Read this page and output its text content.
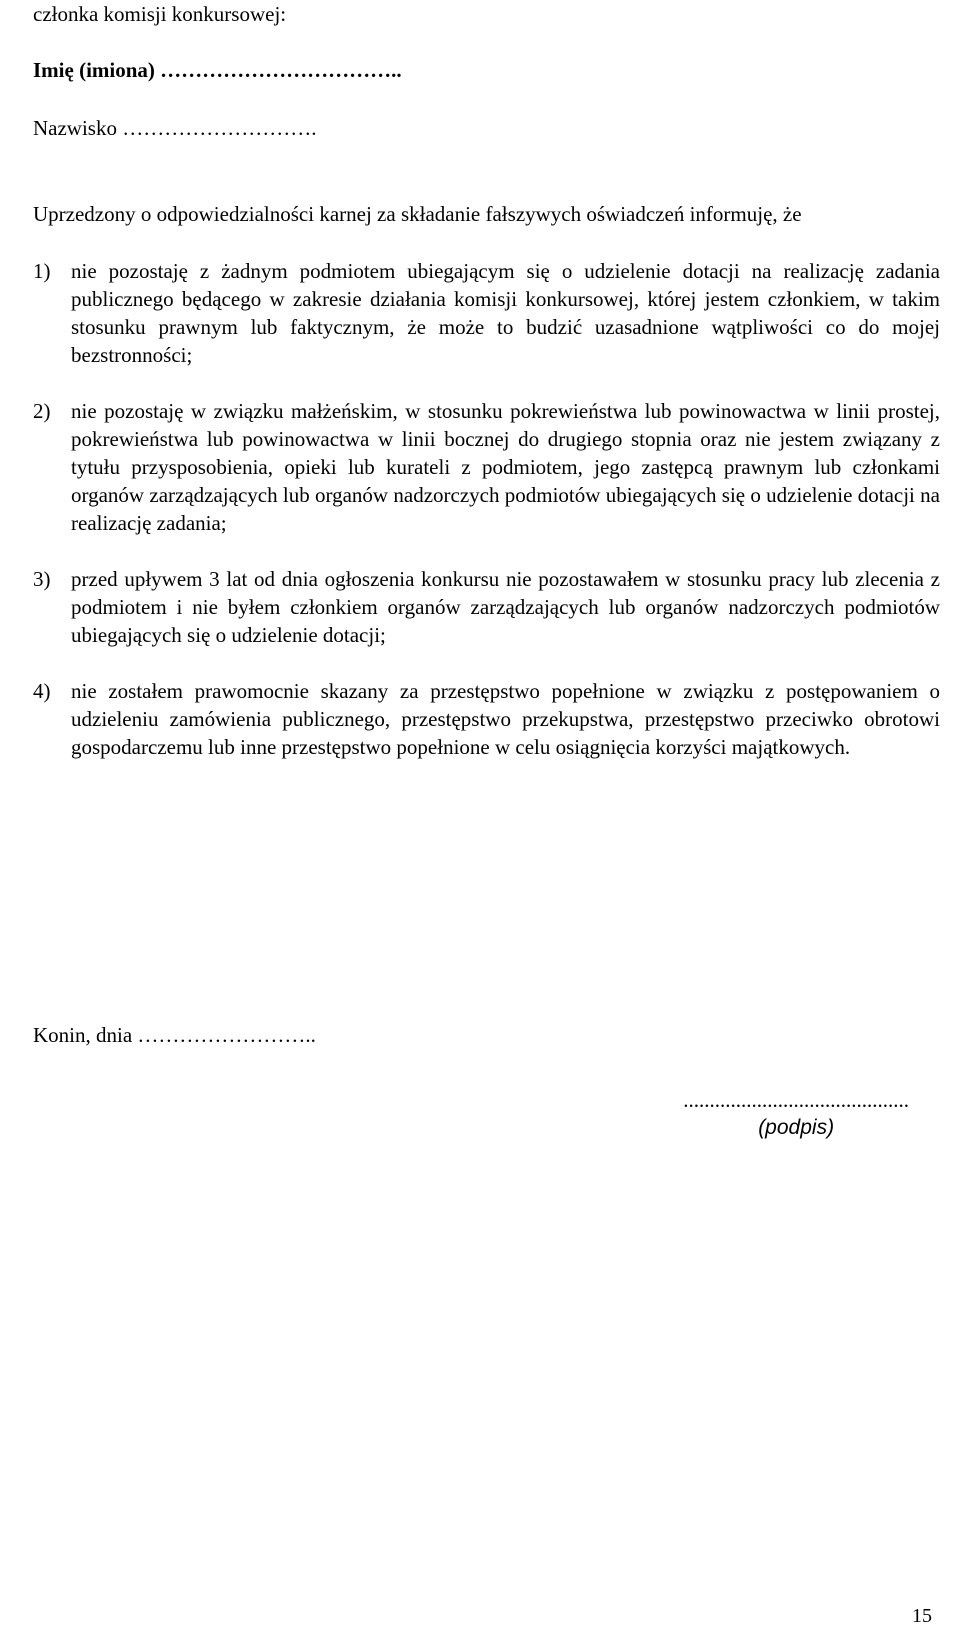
członka komisji konkursowej:
Imię (imiona) ……………………………..
Nazwisko ……………………….
Uprzedzony o odpowiedzialności karnej za składanie fałszywych oświadczeń informuję, że
1) nie pozostaję z żadnym podmiotem ubiegającym się o udzielenie dotacji na realizację zadania publicznego będącego w zakresie działania komisji konkursowej, której jestem członkiem, w takim stosunku prawnym lub faktycznym, że może to budzić uzasadnione wątpliwości co do mojej bezstronności;
2) nie pozostaję w związku małżeńskim, w stosunku pokrewieństwa lub powinowactwa w linii prostej, pokrewieństwa lub powinowactwa w linii bocznej do drugiego stopnia oraz nie jestem związany z tytułu przysposobienia, opieki lub kurateli z podmiotem, jego zastępcą prawnym lub członkami organów zarządzających lub organów nadzorczych podmiotów ubiegających się o udzielenie dotacji na realizację zadania;
3) przed upływem 3 lat od dnia ogłoszenia konkursu nie pozostawałem w stosunku pracy lub zlecenia z podmiotem i nie byłem członkiem organów zarządzających lub organów nadzorczych podmiotów ubiegających się o udzielenie dotacji;
4) nie zostałem prawomocnie skazany za przestępstwo popełnione w związku z postępowaniem o udzieleniu zamówienia publicznego, przestępstwo przekupstwa, przestępstwo przeciwko obrotowi gospodarczemu lub inne przestępstwo popełnione w celu osiągnięcia korzyści majątkowych.
Konin, dnia ……………………..
...........................................
(podpis)
15
